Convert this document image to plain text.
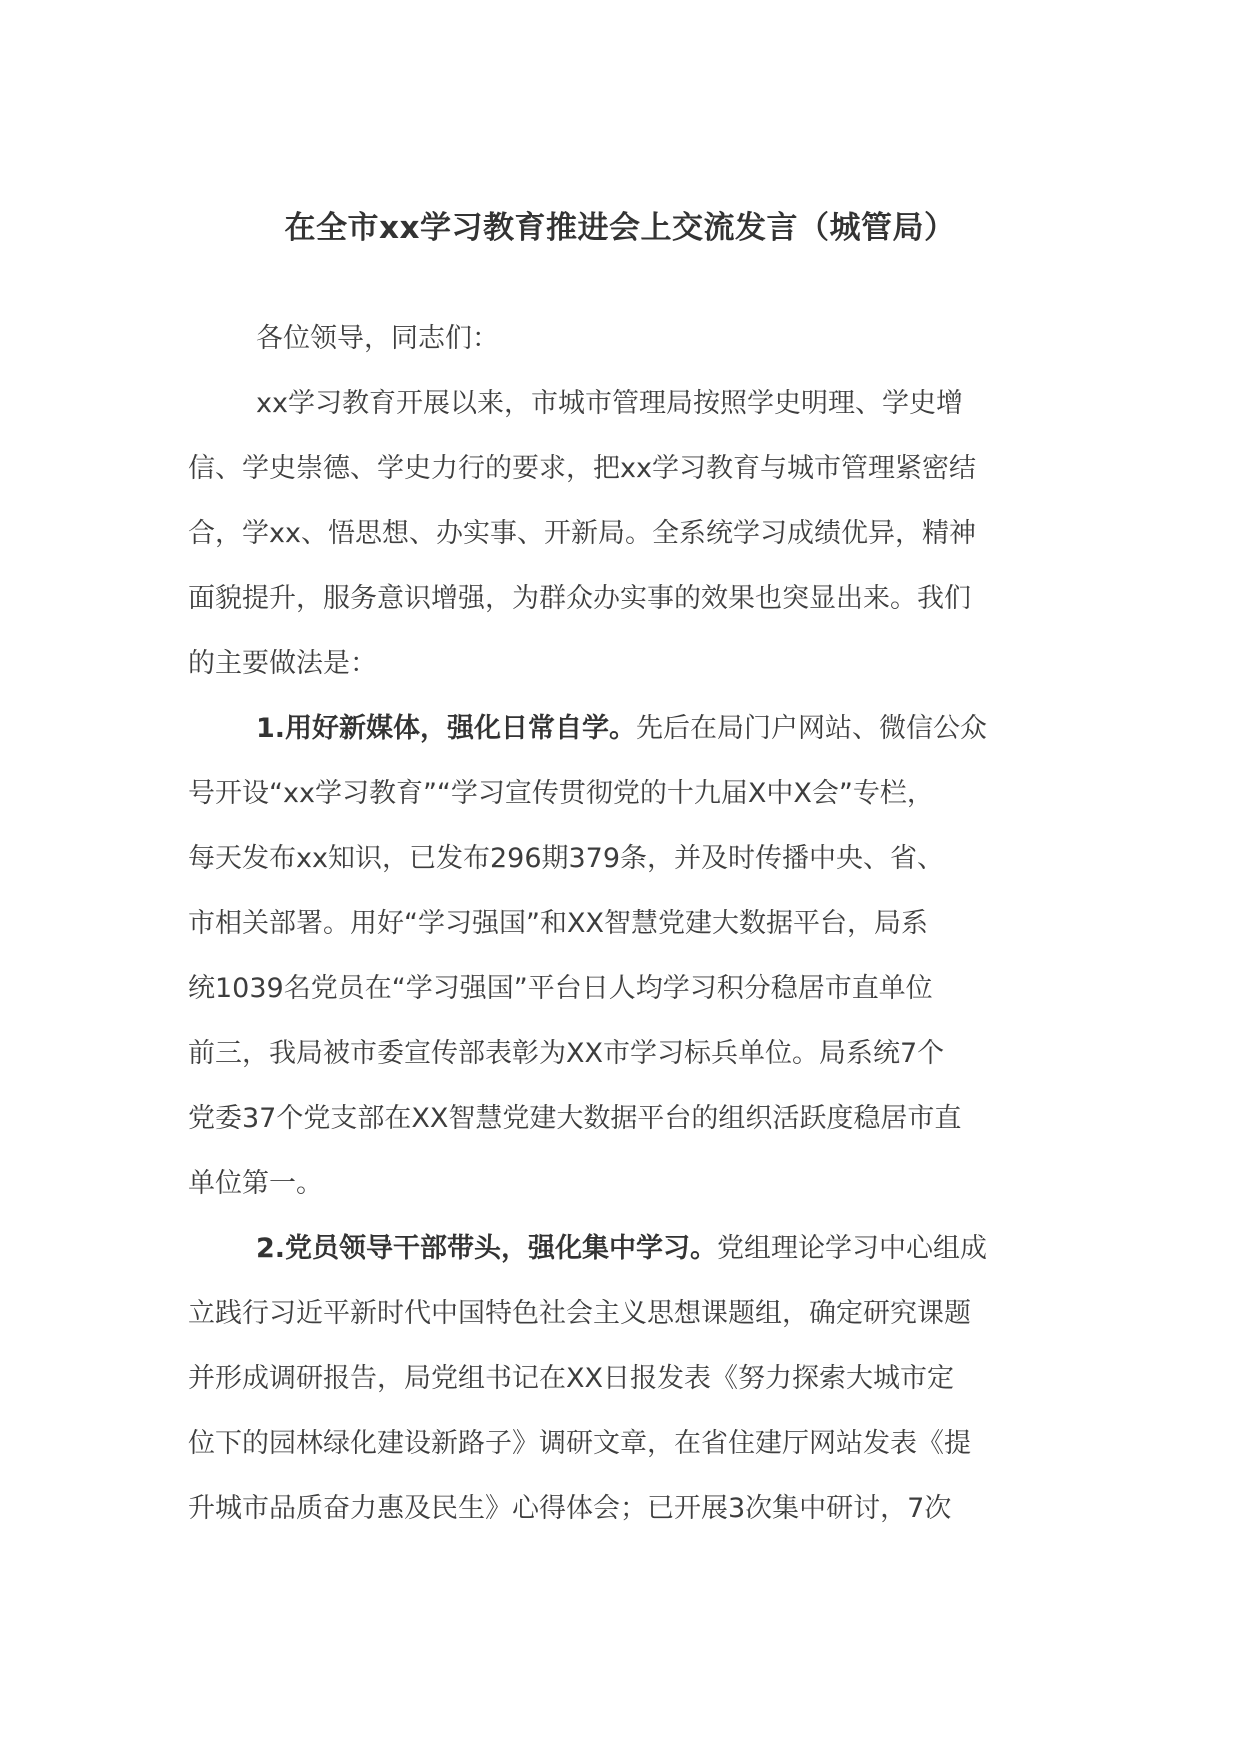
在全市xx学习教育推进会上交流发言（城管局）
各位领导，同志们：
xx学习教育开展以来，市城市管理局按照学史明理、学史增
信、学史崇德、学史力行的要求，把xx学习教育与城市管理紧密结
合，学xx、悟思想、办实事、开新局。全系统学习成绩优异，精神
面貌提升，服务意识增强，为群众办实事的效果也突显出来。我们
的主要做法是：
1.用好新媒体，强化日常自学。先后在局门户网站、微信公众
号开设“xx学习教育”“学习宣传贯彻党的十九届X中X会”专栏，
每天发布xx知识，已发布296期379条，并及时传播中央、省、
市相关部署。用好“学习强国”和XX智慧党建大数据平台，局系
统1039名党员在“学习强国”平台日人均学习积分稳居市直单位
前三，我局被市委宣传部表彰为XX市学习标兵单位。局系统7个
党委37个党支部在XX智慧党建大数据平台的组织活跃度稳居市直
单位第一。
2.党员领导干部带头，强化集中学习。党组理论学习中心组成
立践行习近平新时代中国特色社会主义思想课题组，确定研究课题
并形成调研报告，局党组书记在XX日报发表《努力探索大城市定
位下的园林绿化建设新路子》调研文章，在省住建厅网站发表《提
升城市品质奋力惠及民生》心得体会；已开展3次集中研讨，7次
